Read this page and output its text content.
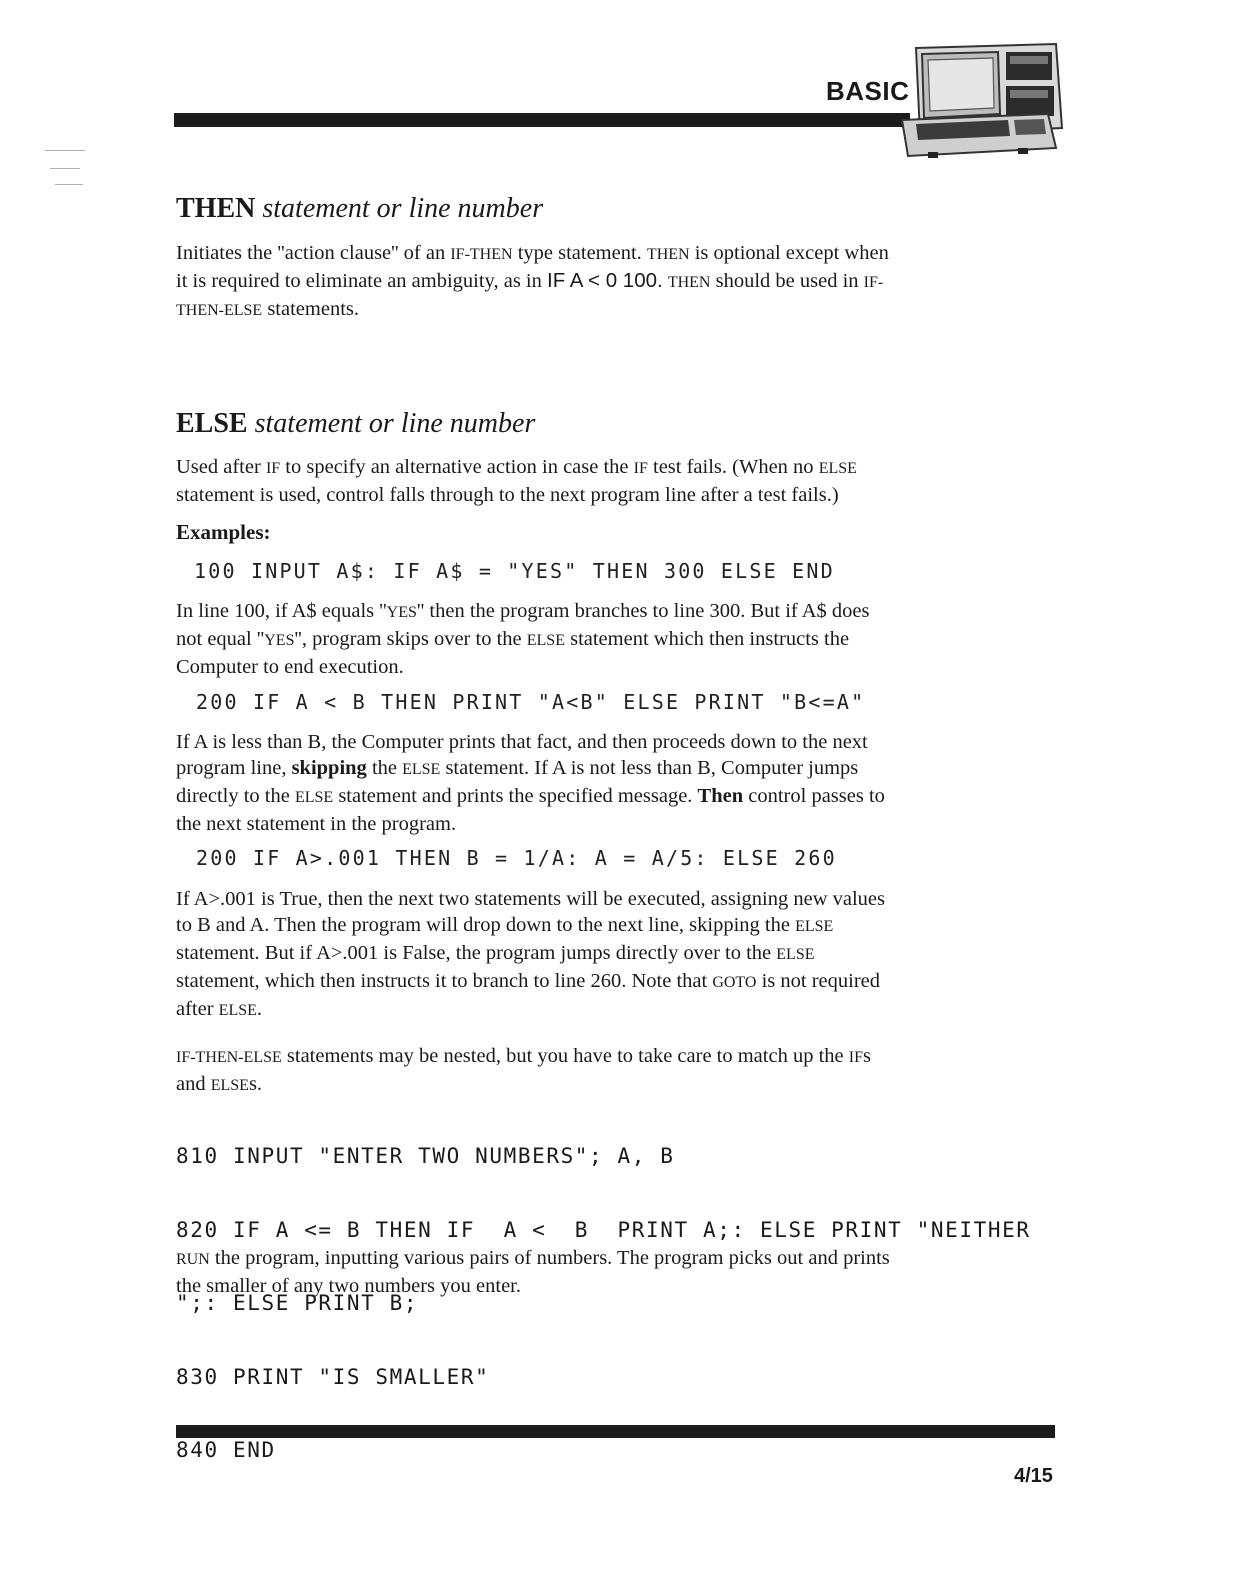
BASIC
THEN statement or line number
Initiates the ''action clause'' of an IF-THEN type statement. THEN is optional except when it is required to eliminate an ambiguity, as in IF A < 0 100. THEN should be used in IF-THEN-ELSE statements.
ELSE statement or line number
Used after IF to specify an alternative action in case the IF test fails. (When no ELSE statement is used, control falls through to the next program line after a test fails.)
Examples:
100 INPUT A$: IF A$ = "YES" THEN 300 ELSE END
In line 100, if A$ equals ''YES'' then the program branches to line 300. But if A$ does not equal ''YES'', program skips over to the ELSE statement which then instructs the Computer to end execution.
200 IF A < B THEN PRINT "A<B" ELSE PRINT "B<=A"
If A is less than B, the Computer prints that fact, and then proceeds down to the next program line, skipping the ELSE statement. If A is not less than B, Computer jumps directly to the ELSE statement and prints the specified message. Then control passes to the next statement in the program.
200 IF A>.001 THEN B = 1/A: A = A/5: ELSE 260
If A>.001 is True, then the next two statements will be executed, assigning new values to B and A. Then the program will drop down to the next line, skipping the ELSE statement. But if A>.001 is False, the program jumps directly over to the ELSE statement, which then instructs it to branch to line 260. Note that GOTO is not required after ELSE.
IF-THEN-ELSE statements may be nested, but you have to take care to match up the IFs and ELSEs.

810 INPUT "ENTER TWO NUMBERS"; A, B

820 IF A <= B THEN IF  A <  B  PRINT A;: ELSE PRINT "NEITHER

";: ELSE PRINT B;

830 PRINT "IS SMALLER"

840 END

RUN the program, inputting various pairs of numbers. The program picks out and prints the smaller of any two numbers you enter.
4/15
